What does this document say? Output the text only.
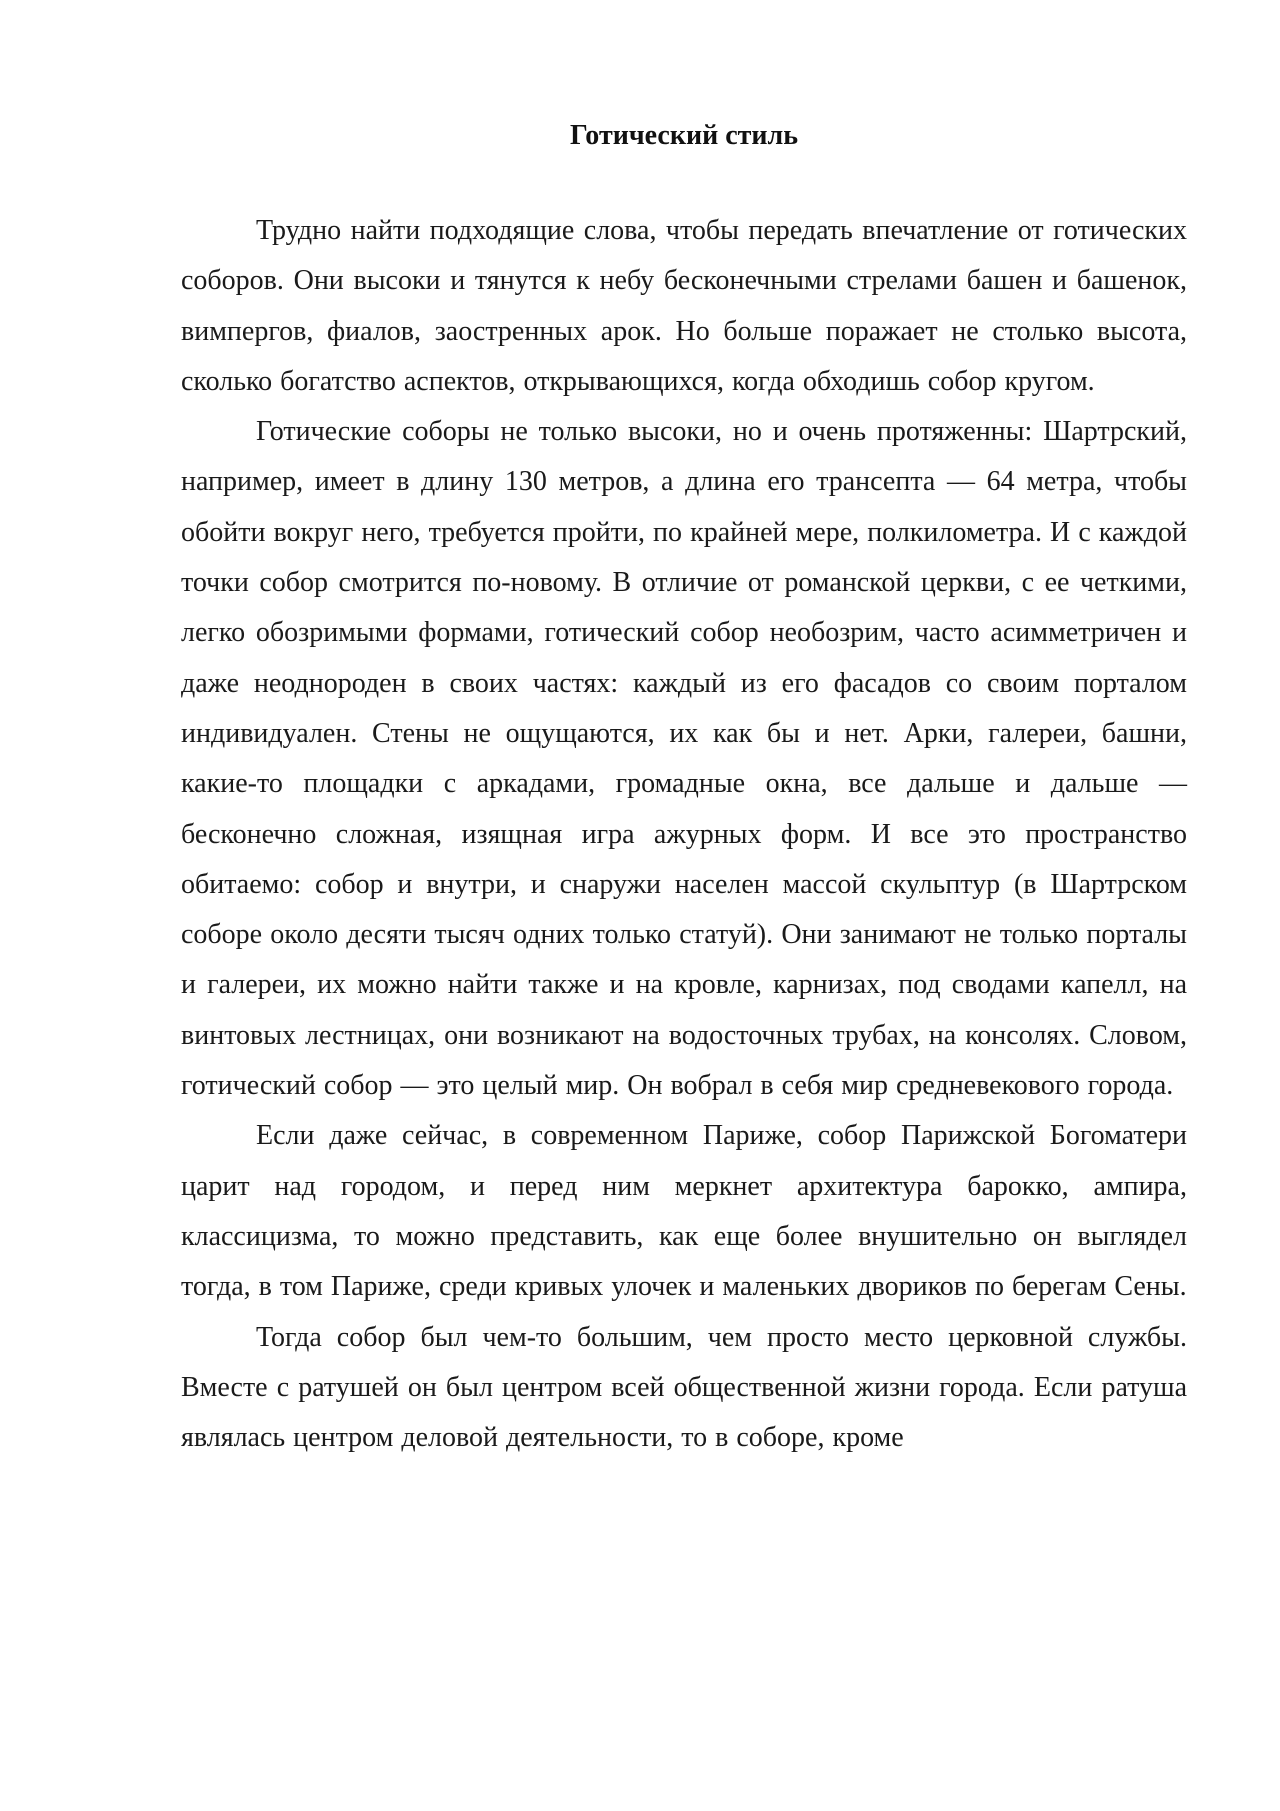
Готический стиль

Трудно найти подходящие слова, чтобы передать впечатление от готических соборов. Они высоки и тянутся к небу бесконечными стрелами башен и башенок, вимпергов, фиалов, заостренных арок. Но больше поражает не столько высота, сколько богатство аспектов, открывающихся, когда обходишь собор кругом.

Готические соборы не только высоки, но и очень протяженны: Шартрский, например, имеет в длину 130 метров, а длина его трансепта — 64 метра, чтобы обойти вокруг него, требуется пройти, по крайней мере, полкилометра. И с каждой точки собор смотрится по-новому. В отличие от романской церкви, с ее четкими, легко обозримыми формами, готический собор необозрим, часто асимметричен и даже неоднороден в своих частях: каждый из его фасадов со своим порталом индивидуален. Стены не ощущаются, их как бы и нет. Арки, галереи, башни, какие-то площадки с аркадами, громадные окна, все дальше и дальше — бесконечно сложная, изящная игра ажурных форм. И все это пространство обитаемо: собор и внутри, и снаружи населен массой скульптур (в Шартрском соборе около десяти тысяч одних только статуй). Они занимают не только порталы и галереи, их можно найти также и на кровле, карнизах, под сводами капелл, на винтовых лестницах, они возникают на водосточных трубах, на консолях. Словом, готический собор — это целый мир. Он вобрал в себя мир средневекового города.

Если даже сейчас, в современном Париже, собор Парижской Богоматери царит над городом, и перед ним меркнет архитектура барокко, ампира, классицизма, то можно представить, как еще более внушительно он выглядел тогда, в том Париже, среди кривых улочек и маленьких двориков по берегам Сены.

Тогда собор был чем-то большим, чем просто место церковной службы. Вместе с ратушей он был центром всей общественной жизни города. Если ратуша являлась центром деловой деятельности, то в соборе, кроме
